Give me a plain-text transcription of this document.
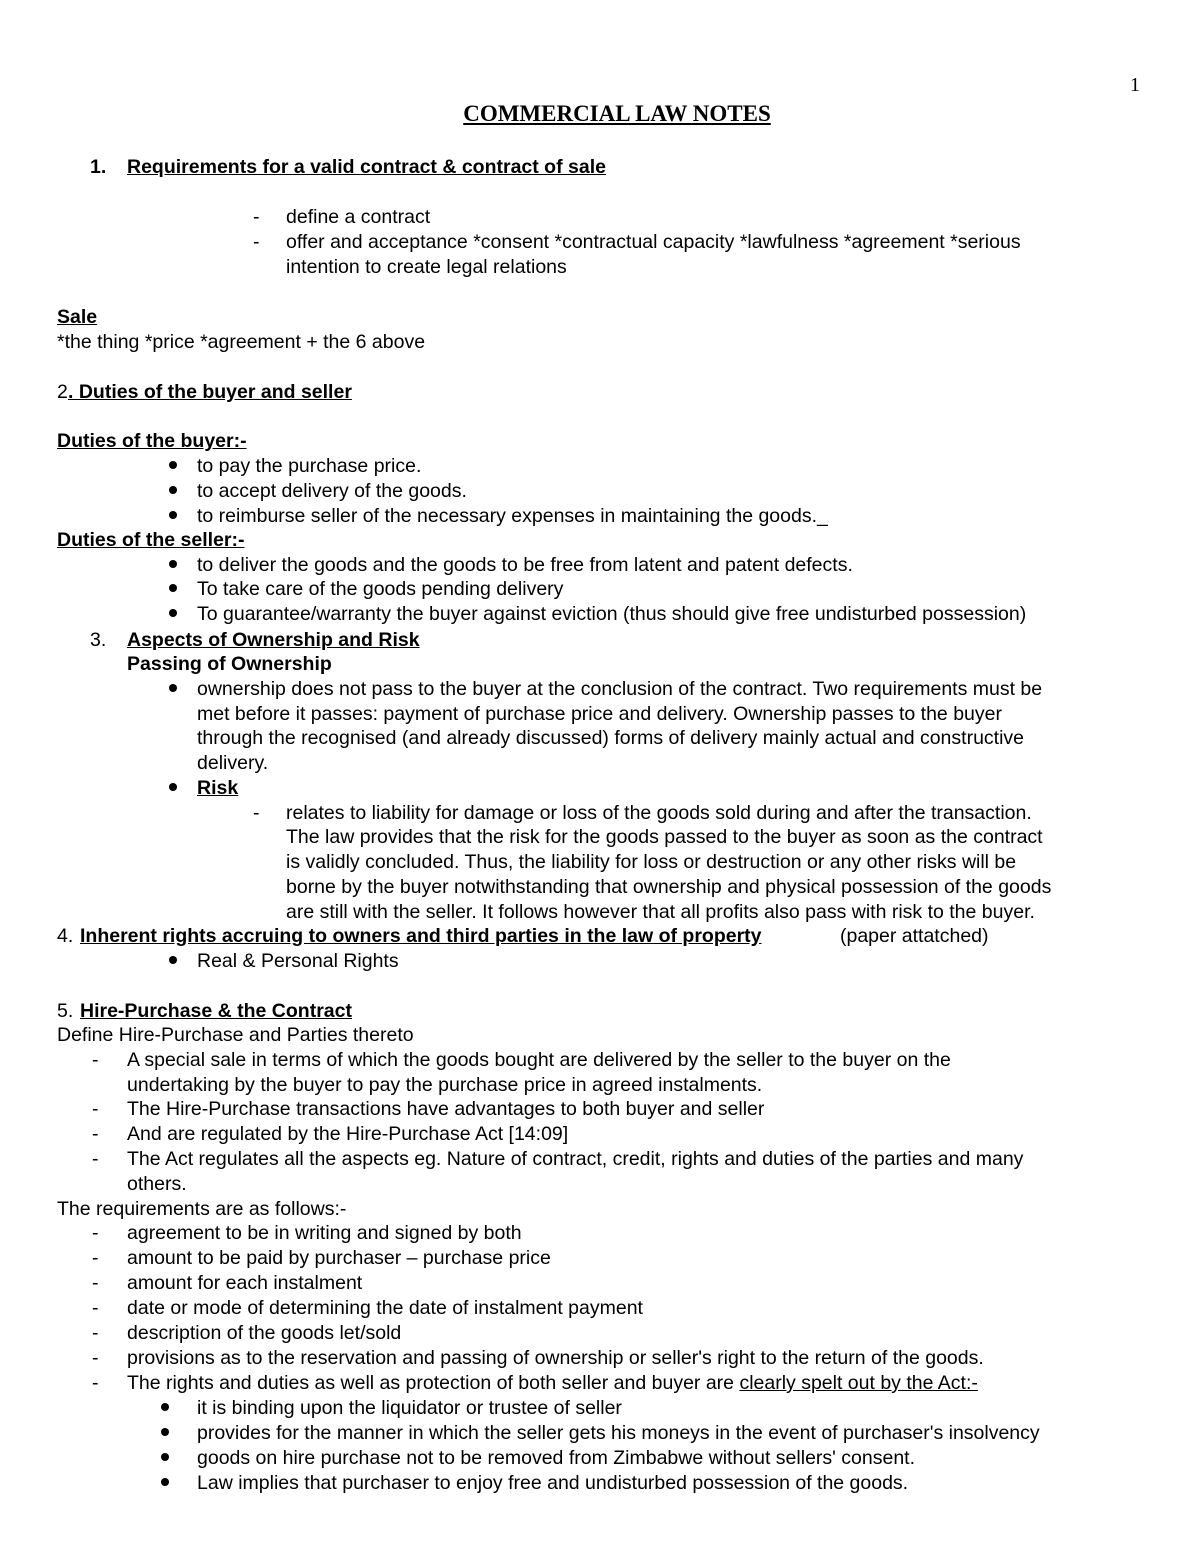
1
COMMERCIAL LAW NOTES
1. Requirements for a valid contract & contract of sale
- define a contract
- offer and acceptance *consent *contractual capacity *lawfulness *agreement *serious
intention to create legal relations
Sale
*the thing *price *agreement + the 6 above
2 . Duties of the buyer and seller
Duties of the buyer:-
to pay the purchase price.
to accept delivery of the goods.
to reimburse seller of the necessary expenses in maintaining the goods._
Duties of the seller:-
to deliver the goods and the goods to be free from latent and patent defects.
To take care of the goods pending delivery
To guarantee/warranty the buyer against eviction (thus should give free undisturbed possession)
3. Aspects of Ownership and Risk
Passing of Ownership
ownership does not pass to the buyer at the conclusion of the contract. Two requirements must be
met before it passes: payment of purchase price and delivery. Ownership passes to the buyer
through the recognised (and already discussed) forms of delivery mainly actual and constructive
delivery.
Risk
- relates to liability for damage or loss of the goods sold during and after the transaction.
The law provides that the risk for the goods passed to the buyer as soon as the contract
is validly concluded. Thus, the liability for loss or destruction or any other risks will be
borne by the buyer notwithstanding that ownership and physical possession of the goods
are still with the seller. It follows however that all profits also pass with risk to the buyer.
4. Inherent rights accruing to owners and third parties in the law of property	(paper attatched)
Real & Personal Rights
5. Hire-Purchase & the Contract
Define Hire-Purchase and Parties thereto
- A special sale in terms of which the goods bought are delivered by the seller to the buyer on the
undertaking by the buyer to pay the purchase price in agreed instalments.
- The Hire-Purchase transactions have advantages to both buyer and seller
- And are regulated by the Hire-Purchase Act [14:09]
- The Act regulates all the aspects eg. Nature of contract, credit, rights and duties of the parties and many
others.
The requirements are as follows:-
- agreement to be in writing and signed by both
- amount to be paid by purchaser – purchase price
- amount for each instalment
- date or mode of determining the date of instalment payment
- description of the goods let/sold
- provisions as to the reservation and passing of ownership or seller's right to the return of the goods.
- The rights and duties as well as protection of both seller and buyer are clearly spelt out by the Act:-
it is binding upon the liquidator or trustee of seller
provides for the manner in which the seller gets his moneys in the event of purchaser's insolvency
goods on hire purchase not to be removed from Zimbabwe without sellers' consent.
Law implies that purchaser to enjoy free and undisturbed possession of the goods.
